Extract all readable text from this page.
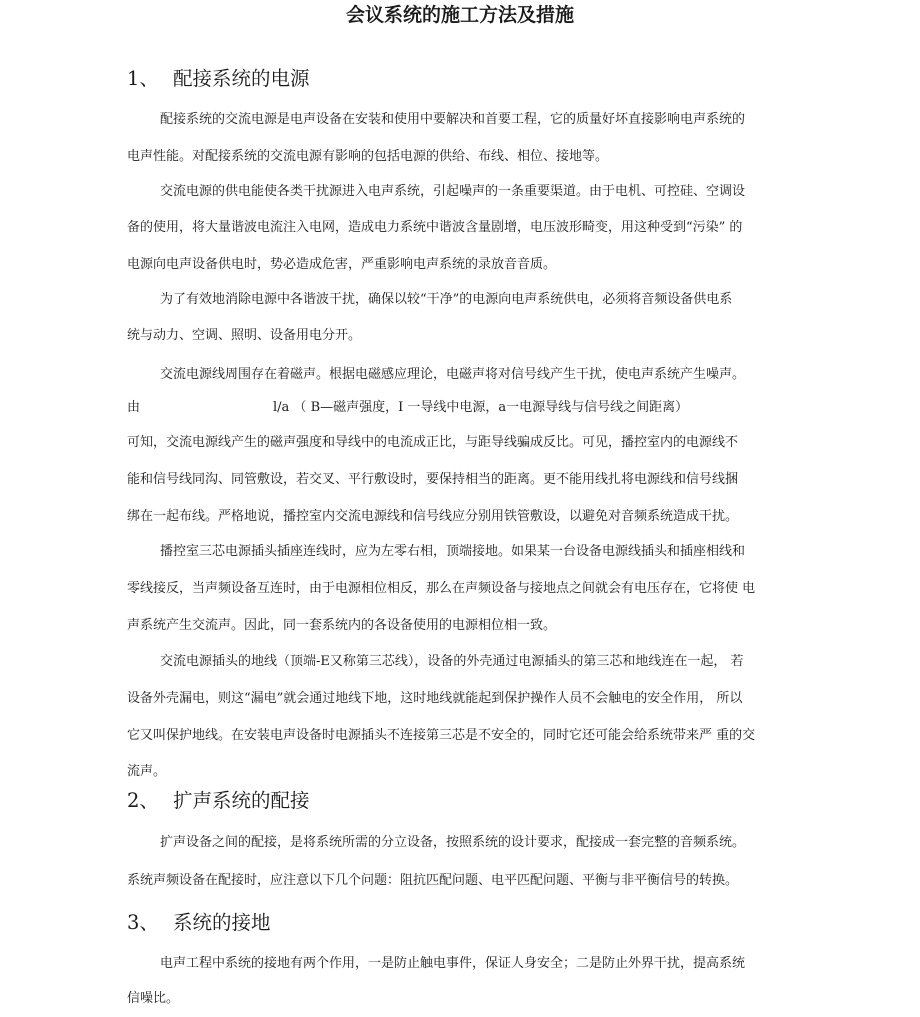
会议系统的施工方法及措施
1、 配接系统的电源

配接系统的交流电源是电声设备在安装和使用中要解决和首要工程，它的质量好坏直接影响电声系统的

电声性能。对配接系统的交流电源有影响的包括电源的供给、布线、相位、接地等。

交流电源的供电能使各类干扰源进入电声系统，引起噪声的一条重要渠道。由于电机、可控硅、空调设

备的使用，将大量谐波电流注入电网，造成电力系统中谐波含量剧增，电压波形畸变，用这种受到“污染” 的

电源向电声设备供电时，势必造成危害，严重影响电声系统的录放音音质。

为了有效地消除电源中各谐波干扰，确保以较“干净”的电源向电声系统供电，必须将音频设备供电系

统与动力、空调、照明、设备用电分开。

交流电源线周围存在着磁声。根据电磁感应理论，电磁声将对信号线产生干扰，使电声系统产生噪声。

由	l/a （ B—磁声强度，I 一导线中电源，a一电源导线与信号线之间距离）

可知，交流电源线产生的磁声强度和导线中的电流成正比，与距导线骗成反比。可见，播控室内的电源线不

能和信号线同沟、同管敷设，若交叉、平行敷设时，要保持相当的距离。更不能用线扎将电源线和信号线捆

绑在一起布线。严格地说，播控室内交流电源线和信号线应分别用铁管敷设，以避免对音频系统造成干扰。

播控室三芯电源插头插座连线时，应为左零右相，顶端接地。如果某一台设备电源线插头和插座相线和

零线接反，当声频设备互连时，由于电源相位相反，那么在声频设备与接地点之间就会有电压存在，它将使 电

声系统产生交流声。因此，同一套系统内的各设备使用的电源相位相一致。

交流电源插头的地线（顶端-E又称第三芯线），设备的外壳通过电源插头的第三芯和地线连在一起， 若

设备外壳漏电，则这“漏电”就会通过地线下地，这时地线就能起到保护操作人员不会触电的安全作用， 所以

它又叫保护地线。在安装电声设备时电源插头不连接第三芯是不安全的，同时它还可能会给系统带来严 重的交

流声。

2、 扩声系统的配接

扩声设备之间的配接，是将系统所需的分立设备，按照系统的设计要求，配接成一套完整的音频系统。

系统声频设备在配接时，应注意以下几个问题：阻抗匹配问题、电平匹配问题、平衡与非平衡信号的转换。

3、 系统的接地

电声工程中系统的接地有两个作用，一是防止触电事件，保证人身安全；二是防止外界干扰，提高系统

信噪比。
